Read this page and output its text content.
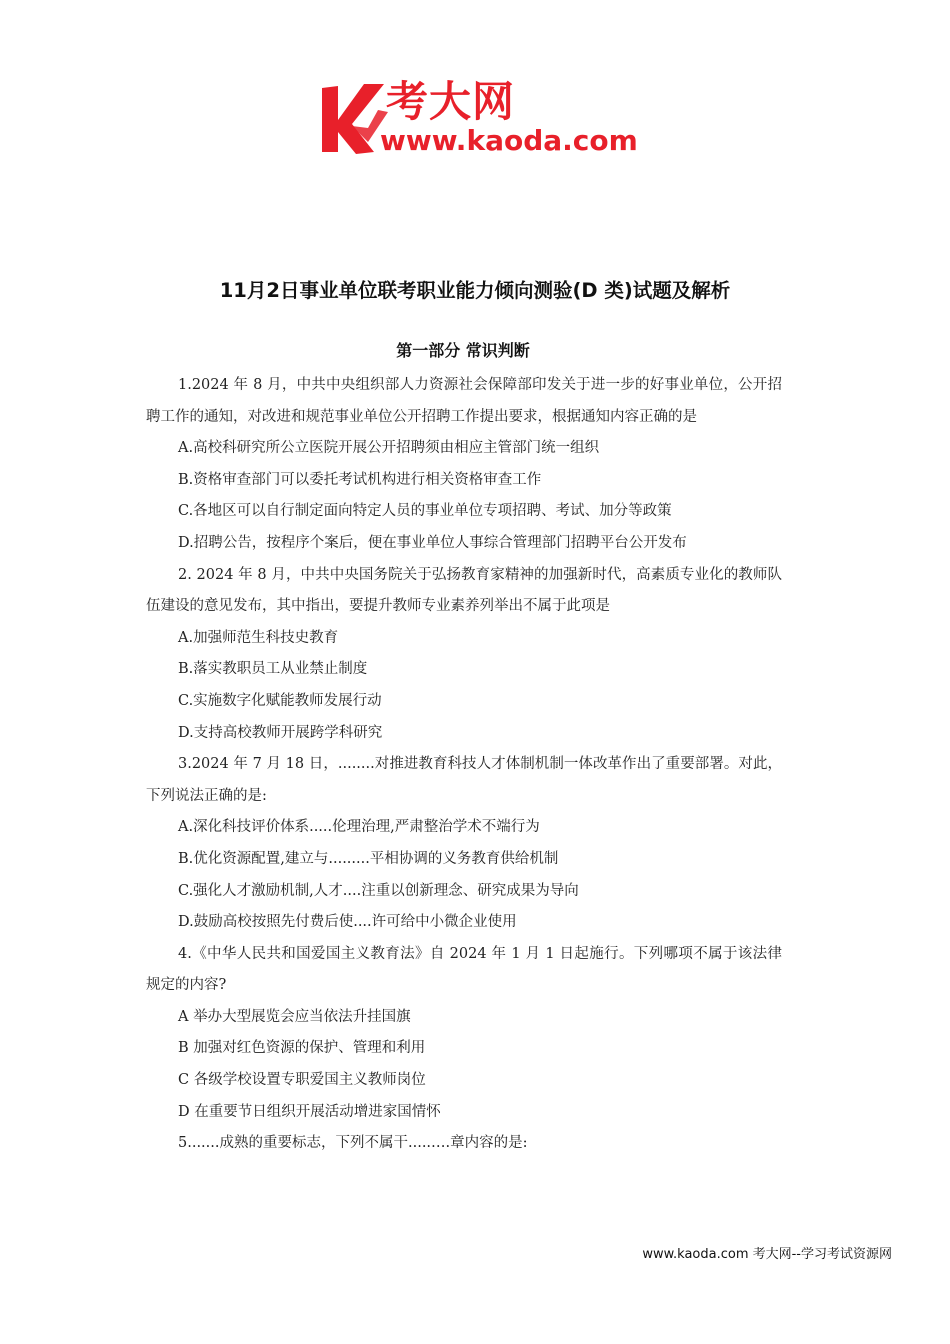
考大网
www.kaoda.com
11月2日事业单位联考职业能力倾向测验(D 类)试题及解析
第一部分 常识判断

1.2024 年 8 月，中共中央组织部人力资源社会保障部印发关于进一步的好事业单位，公开招聘工作的通知，对改进和规范事业单位公开招聘工作提出要求，根据通知内容正确的是

A.高校科研究所公立医院开展公开招聘须由相应主管部门统一组织

B.资格审查部门可以委托考试机构进行相关资格审查工作

C.各地区可以自行制定面向特定人员的事业单位专项招聘、考试、加分等政策

D.招聘公告，按程序个案后，便在事业单位人事综合管理部门招聘平台公开发布

2. 2024 年 8 月，中共中央国务院关于弘扬教育家精神的加强新时代，高素质专业化的教师队伍建设的意见发布，其中指出，要提升教师专业素养列举出不属于此项是

A.加强师范生科技史教育

B.落实教职员工从业禁止制度

C.实施数字化赋能教师发展行动

D.支持高校教师开展跨学科研究

3.2024 年 7 月 18 日，........对推进教育科技人才体制机制一体改革作出了重要部署。对此，下列说法正确的是:

A.深化科技评价体系.....伦理治理,严肃整治学术不端行为

B.优化资源配置,建立与.........平相协调的义务教育供给机制

C.强化人才激励机制,人才....注重以创新理念、研究成果为导向

D.鼓励高校按照先付费后使....许可给中小微企业使用

4.《中华人民共和国爱国主义教育法》自 2024 年 1 月 1 日起施行。下列哪项不属于该法律规定的内容?

A 举办大型展览会应当依法升挂国旗

B 加强对红色资源的保护、管理和利用

C 各级学校设置专职爱国主义教师岗位

D 在重要节日组织开展活动增进家国情怀

5.......成熟的重要标志，下列不属干.....….章内容的是:

www.kaoda.com 考大网--学习考试资源网
